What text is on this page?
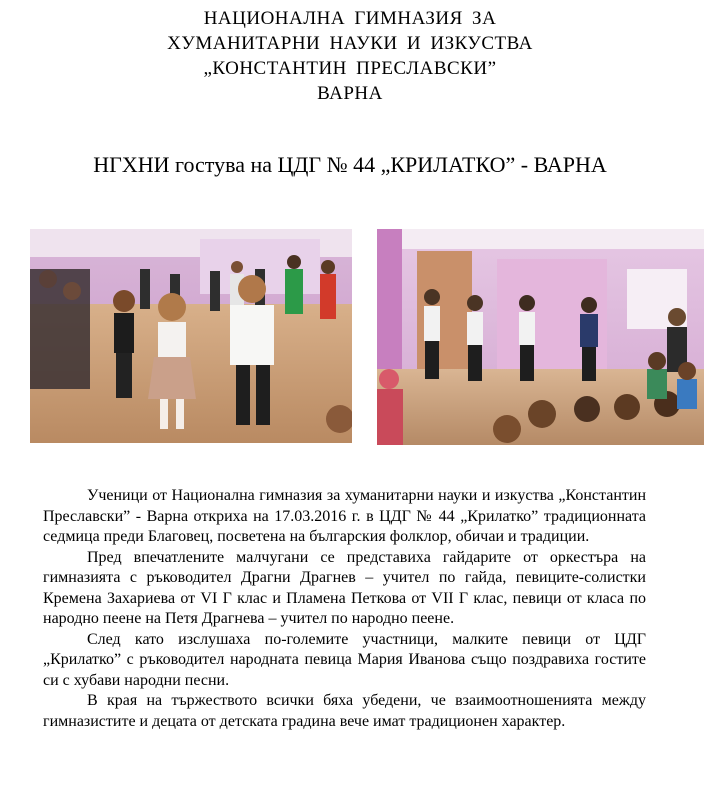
НАЦИОНАЛНА ГИМНАЗИЯ ЗА
ХУМАНИТАРНИ НАУКИ И ИЗКУСТВА
„КОНСТАНТИН ПРЕСЛАВСКИ”
ВАРНА
НГХНИ гостува на ЦДГ № 44 „КРИЛАТКО” - ВАРНА

Ученици от Национална гимназия за хуманитарни науки и изкуства „Константин Преславски” - Варна откриха на 17.03.2016 г. в ЦДГ № 44 „Крилатко” традиционната седмица преди Благовец, посветена на българския фолклор, обичаи и традиции.

Пред впечатлените малчугани се представиха гайдарите от оркестъра на гимназията с ръководител Драгни Драгнев – учител по гайда, певиците-солистки Кремена Захариева от VI Г клас и Пламена Петкова от VII Г клас, певици от класа по народно пеене на Петя Драгнева – учител по народно пеене.

След като изслушаха по-големите участници, малките певици от ЦДГ „Крилатко” с ръководител народната певица Мария Иванова също поздравиха гостите си с хубави народни песни.

В края на тържеството всички бяха убедени, че взаимоотношенията между гимназистите и децата от детската градина вече имат традиционен характер.
